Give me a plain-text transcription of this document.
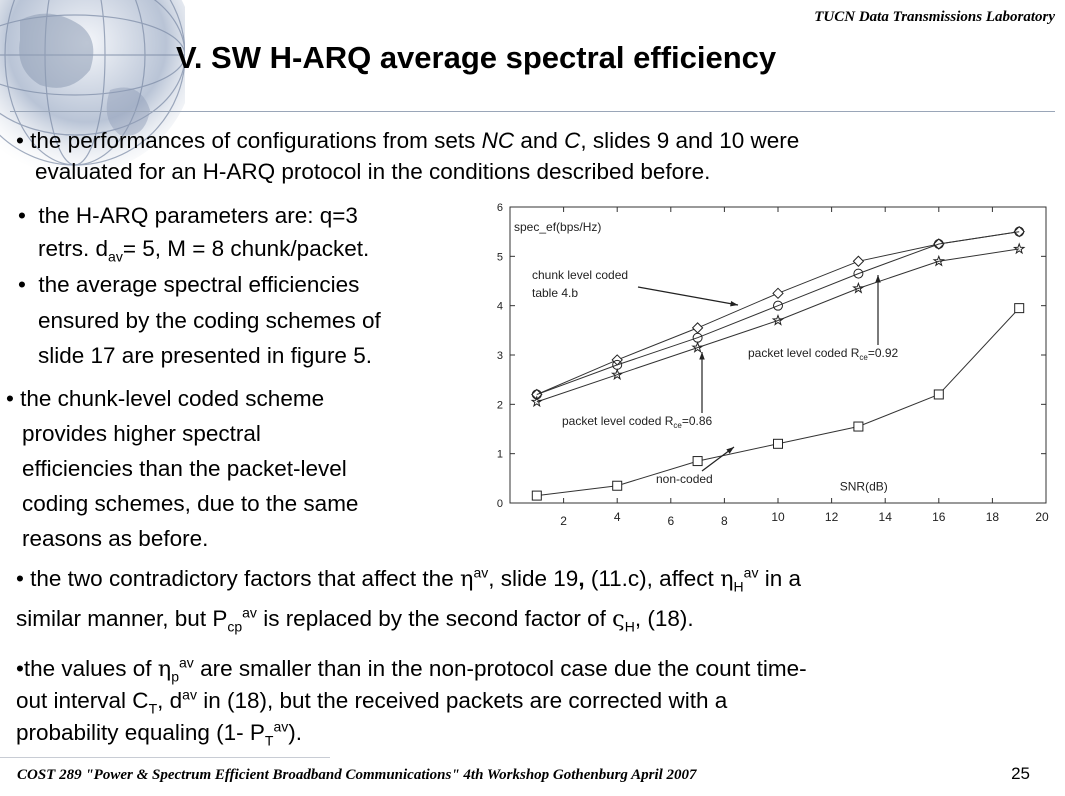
TUCN Data Transmissions Laboratory
V. SW H-ARQ average spectral efficiency
• the performances of configurations from sets NC and C, slides 9 and 10 were
evaluated for an H-ARQ protocol in the conditions described before.
• the H-ARQ parameters are: q=3
retrs. $d_{av}= 5$, M = 8 chunk/packet.
• the average spectral efficiencies
ensured by the coding schemes of
slide 17 are presented in figure 5.
• the chunk-level coded scheme
provides higher spectral
efficiencies than the packet-level
coding schemes, due to the same
reasons as before.
• the two contradictory factors that affect the $\eta^{av}$, slide 19, (11.c), affect $\eta_H^{av}$ in a
similar manner, but $P_{cp}^{av}$ is replaced by the second factor of $\varsigma_H$, (18).
•the values of $\eta_p^{av}$ are smaller than in the non-protocol case due the count time-
out interval $C_T$, $d^{av}$ in (18), but the received packets are corrected with a
probability equaling (1- $P_T^{av}$).
COST 289 "Power & Spectrum Efficient Broadband Communications" 4th Workshop Gothenburg April 2007	25
0
1
2
3
4
5
6
2	4	6	8	10	12	14	16	18	20
spec_ef(bps/Hz)
SNR(dB)
chunk level coded
table 4.b
packet level coded $R_{ce}=0.92$
packet level coded $R_{ce}=0.86$
non-coded
